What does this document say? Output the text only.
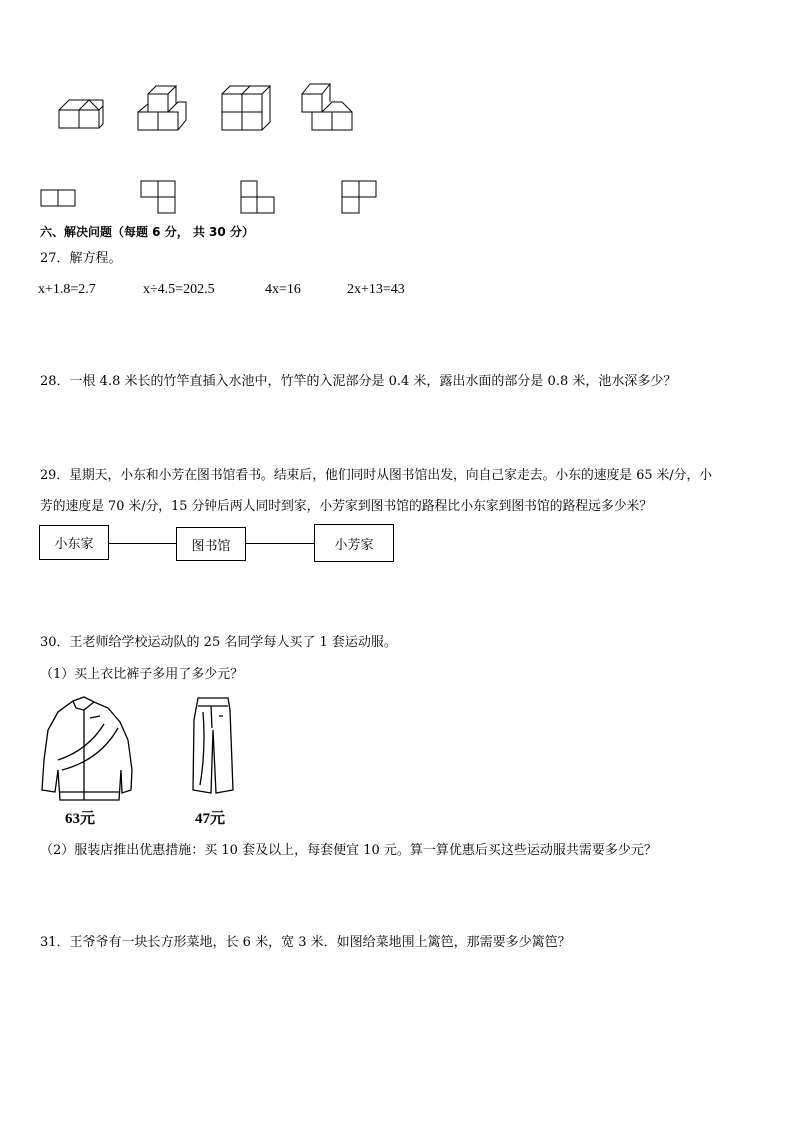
六、解决问题（每题 6 分， 共 30 分）
27．解方程。
x+1.8=2.7	x÷4.5=202.5	4x=16	2x+13=43
28．一根 4.8 米长的竹竿直插入水池中，竹竿的入泥部分是 0.4 米，露出水面的部分是 0.8 米，池水深多少？
29．星期天，小东和小芳在图书馆看书。结束后，他们同时从图书馆出发，向自己家走去。小东的速度是 65 米/分，小
芳的速度是 70 米/分，15 分钟后两人同时到家，小芳家到图书馆的路程比小东家到图书馆的路程远多少米？
小东家	图书馆	小芳家
30．王老师给学校运动队的 25 名同学每人买了 1 套运动服。
（1）买上衣比裤子多用了多少元？
63元	47元
（2）服装店推出优惠措施：买 10 套及以上，每套便宜 10 元。算一算优惠后买这些运动服共需要多少元？
31．王爷爷有一块长方形菜地，长 6 米，宽 3 米．如图给菜地围上篱笆，那需要多少篱笆？
